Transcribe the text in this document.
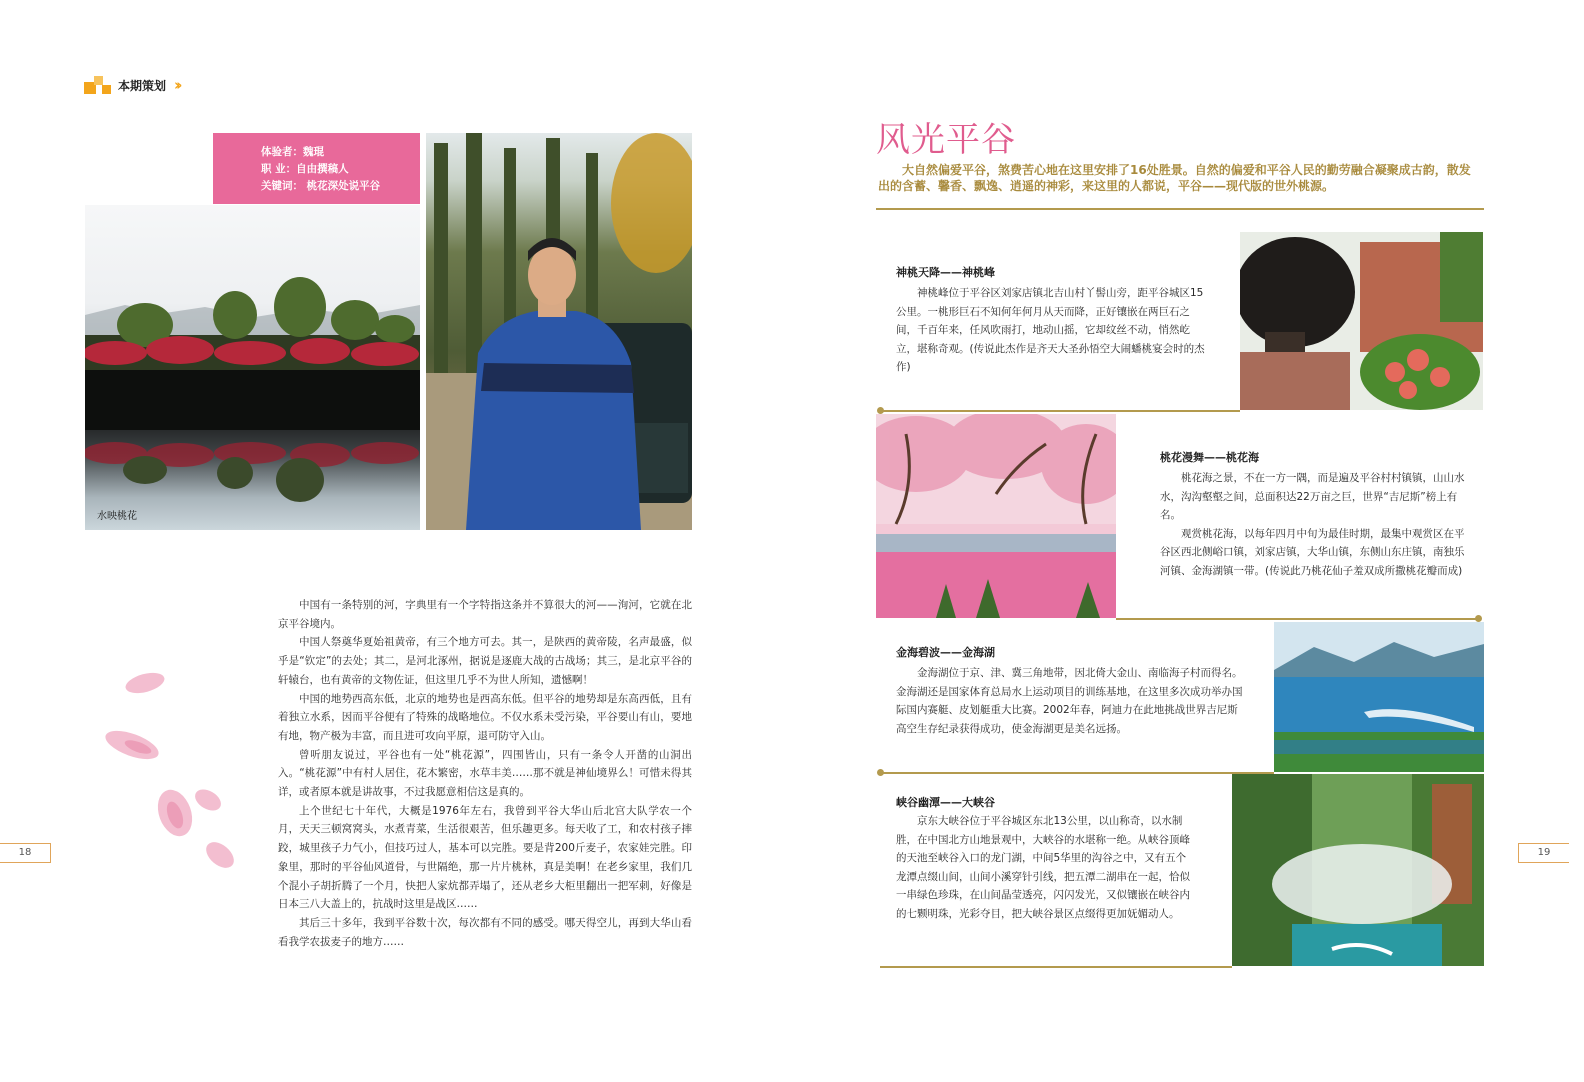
本期策划 ››
体验者：魏琨
职 业：自由撰稿人
关键词： 桃花深处说平谷
水映桃花

中国有一条特别的河，字典里有一个字特指这条并不算很大的河——洵河，它就在北京平谷境内。

中国人祭奠华夏始祖黄帝，有三个地方可去。其一，是陕西的黄帝陵，名声最盛，似乎是“钦定”的去处；其二，是河北涿州，据说是逐鹿大战的古战场；其三，是北京平谷的轩辕台，也有黄帝的文物佐证，但这里几乎不为世人所知，遗憾啊！

中国的地势西高东低，北京的地势也是西高东低。但平谷的地势却是东高西低，且有着独立水系，因而平谷便有了特殊的战略地位。不仅水系未受污染，平谷要山有山，要地有地，物产极为丰富，而且进可攻向平原，退可防守入山。

曾听朋友说过，平谷也有一处“桃花源”，四围皆山，只有一条令人开凿的山洞出入。“桃花源”中有村人居住，花木繁密，水草丰美……那不就是神仙境界么！可惜未得其详，或者原本就是讲故事，不过我愿意相信这是真的。

上个世纪七十年代，大概是1976年左右，我曾到平谷大华山后北宫大队学农一个月，天天三顿窝窝头，水煮青菜，生活很艰苦，但乐趣更多。每天收了工，和农村孩子摔跤，城里孩子力气小，但技巧过人，基本可以完胜。要是背200斤麦子，农家娃完胜。印象里，那时的平谷仙风道骨，与世隔绝，那一片片桃林，真是美啊！在老乡家里，我们几个混小子胡折腾了一个月，快把人家炕都弄塌了，还从老乡大柜里翻出一把军刺，好像是日本三八大盖上的，抗战时这里是战区……

其后三十多年，我到平谷数十次，每次都有不同的感受。哪天得空儿，再到大华山看看我学农拔麦子的地方……

18
风光平谷
大自然偏爱平谷，煞费苦心地在这里安排了16处胜景。自然的偏爱和平谷人民的勤劳融合凝聚成古韵，散发出的含蓄、馨香、飘逸、逍遥的神彩，来这里的人都说，平谷——现代版的世外桃源。
神桃天降——神桃峰

神桃峰位于平谷区刘家店镇北吉山村丫髻山旁，距平谷城区15公里。一桃形巨石不知何年何月从天而降，正好镶嵌在两巨石之间，千百年来，任风吹雨打，地动山摇，它却纹丝不动，悄然屹立，堪称奇观。(传说此杰作是齐天大圣孙悟空大闹蟠桃宴会时的杰作)

桃花漫舞——桃花海

桃花海之景，不在一方一隅，而是遍及平谷村村镇镇，山山水水，沟沟壑壑之间，总面积达22万亩之巨，世界“吉尼斯”榜上有名。

观赏桃花海，以每年四月中旬为最佳时期，最集中观赏区在平谷区西北侧峪口镇，刘家店镇，大华山镇，东侧山东庄镇，南独乐河镇、金海湖镇一带。(传说此乃桃花仙子羞双成所撒桃花瓣而成)

金海碧波——金海湖

金海湖位于京、津、冀三角地带，因北倚大金山、南临海子村而得名。金海湖还是国家体育总局水上运动项目的训练基地，在这里多次成功举办国际国内赛艇、皮划艇重大比赛。2002年春，阿迪力在此地挑战世界吉尼斯高空生存纪录获得成功，使金海湖更是美名远扬。

峡谷幽潭——大峡谷

京东大峡谷位于平谷城区东北13公里，以山称奇，以水制胜，在中国北方山地景观中，大峡谷的水堪称一绝。从峡谷顶峰的天池至峡谷入口的龙门湖，中间5华里的沟谷之中，又有五个龙潭点缀山间，山间小溪穿针引线，把五潭二湖串在一起，恰似一串绿色珍珠，在山间晶莹透亮，闪闪发光，又似镶嵌在峡谷内的七颗明珠，光彩夺目，把大峡谷景区点缀得更加妩媚动人。

19
